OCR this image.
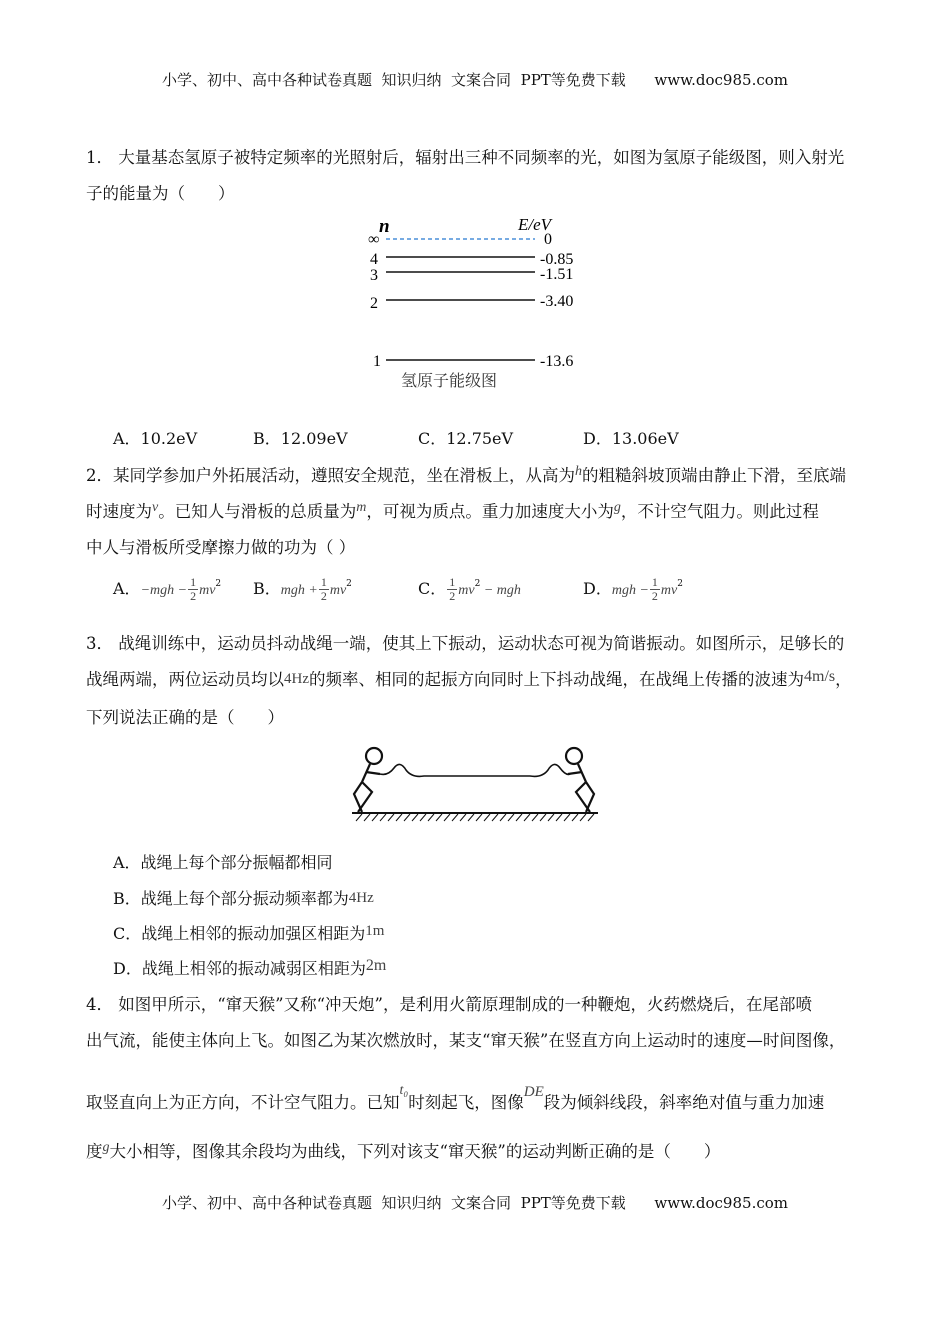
小学、初中、高中各种试卷真题  知识归纳  文案合同  PPT等免费下载      www.doc985.com
1． 大量基态氢原子被特定频率的光照射后，辐射出三种不同频率的光，如图为氢原子能级图，则入射光
子的能量为（　　）
n	E/eV
∞	0
4	-0.85
3	-1.51
2	-3.40
1	-13.6
氢原子能级图
A．10.2eV	B．12.09eV	C．12.75eV	D．13.06eV
2．某同学参加户外拓展活动，遵照安全规范，坐在滑板上，从高为$^h$的粗糙斜坡顶端由静止下滑，至底端
时速度为$^v$。已知人与滑板的总质量为$^m$，可视为质点。重力加速度大小为$^g$，不计空气阻力。则此过程
中人与滑板所受摩擦力做的功为（ ）
A．$-mgh - \frac{1}{2} mv^2$ B．mgh + $\frac{1}{2} mv^2$	C． $\frac{1}{2} mv^2$ − mgh	D．mgh − $\frac{1}{2} mv^2$
3． 战绳训练中，运动员抖动战绳一端，使其上下振动，运动状态可视为简谐振动。如图所示，足够长的
战绳两端，两位运动员均以4Hz的频率、相同的起振方向同时上下抖动战绳，在战绳上传播的波速为4m/s，
下列说法正确的是（　　）
A．战绳上每个部分振幅都相同
B．战绳上每个部分振动频率都为4Hz
C．战绳上相邻的振动加强区相距为1m
D．战绳上相邻的振动减弱区相距为2m
4． 如图甲所示，“窜天猴”又称“冲天炮”，是利用火箭原理制成的一种鞭炮，火药燃烧后，在尾部喷
出气流，能使主体向上飞。如图乙为某次燃放时，某支“窜天猴”在竖直方向上运动时的速度—时间图像，
取竖直向上为正方向，不计空气阻力。已知$^{t_0}$时刻起飞，图像DE段为倾斜线段，斜率绝对值与重力加速
度$^g$大小相等，图像其余段均为曲线，下列对该支“窜天猴”的运动判断正确的是（　　）
小学、初中、高中各种试卷真题  知识归纳  文案合同  PPT等免费下载      www.doc985.com
